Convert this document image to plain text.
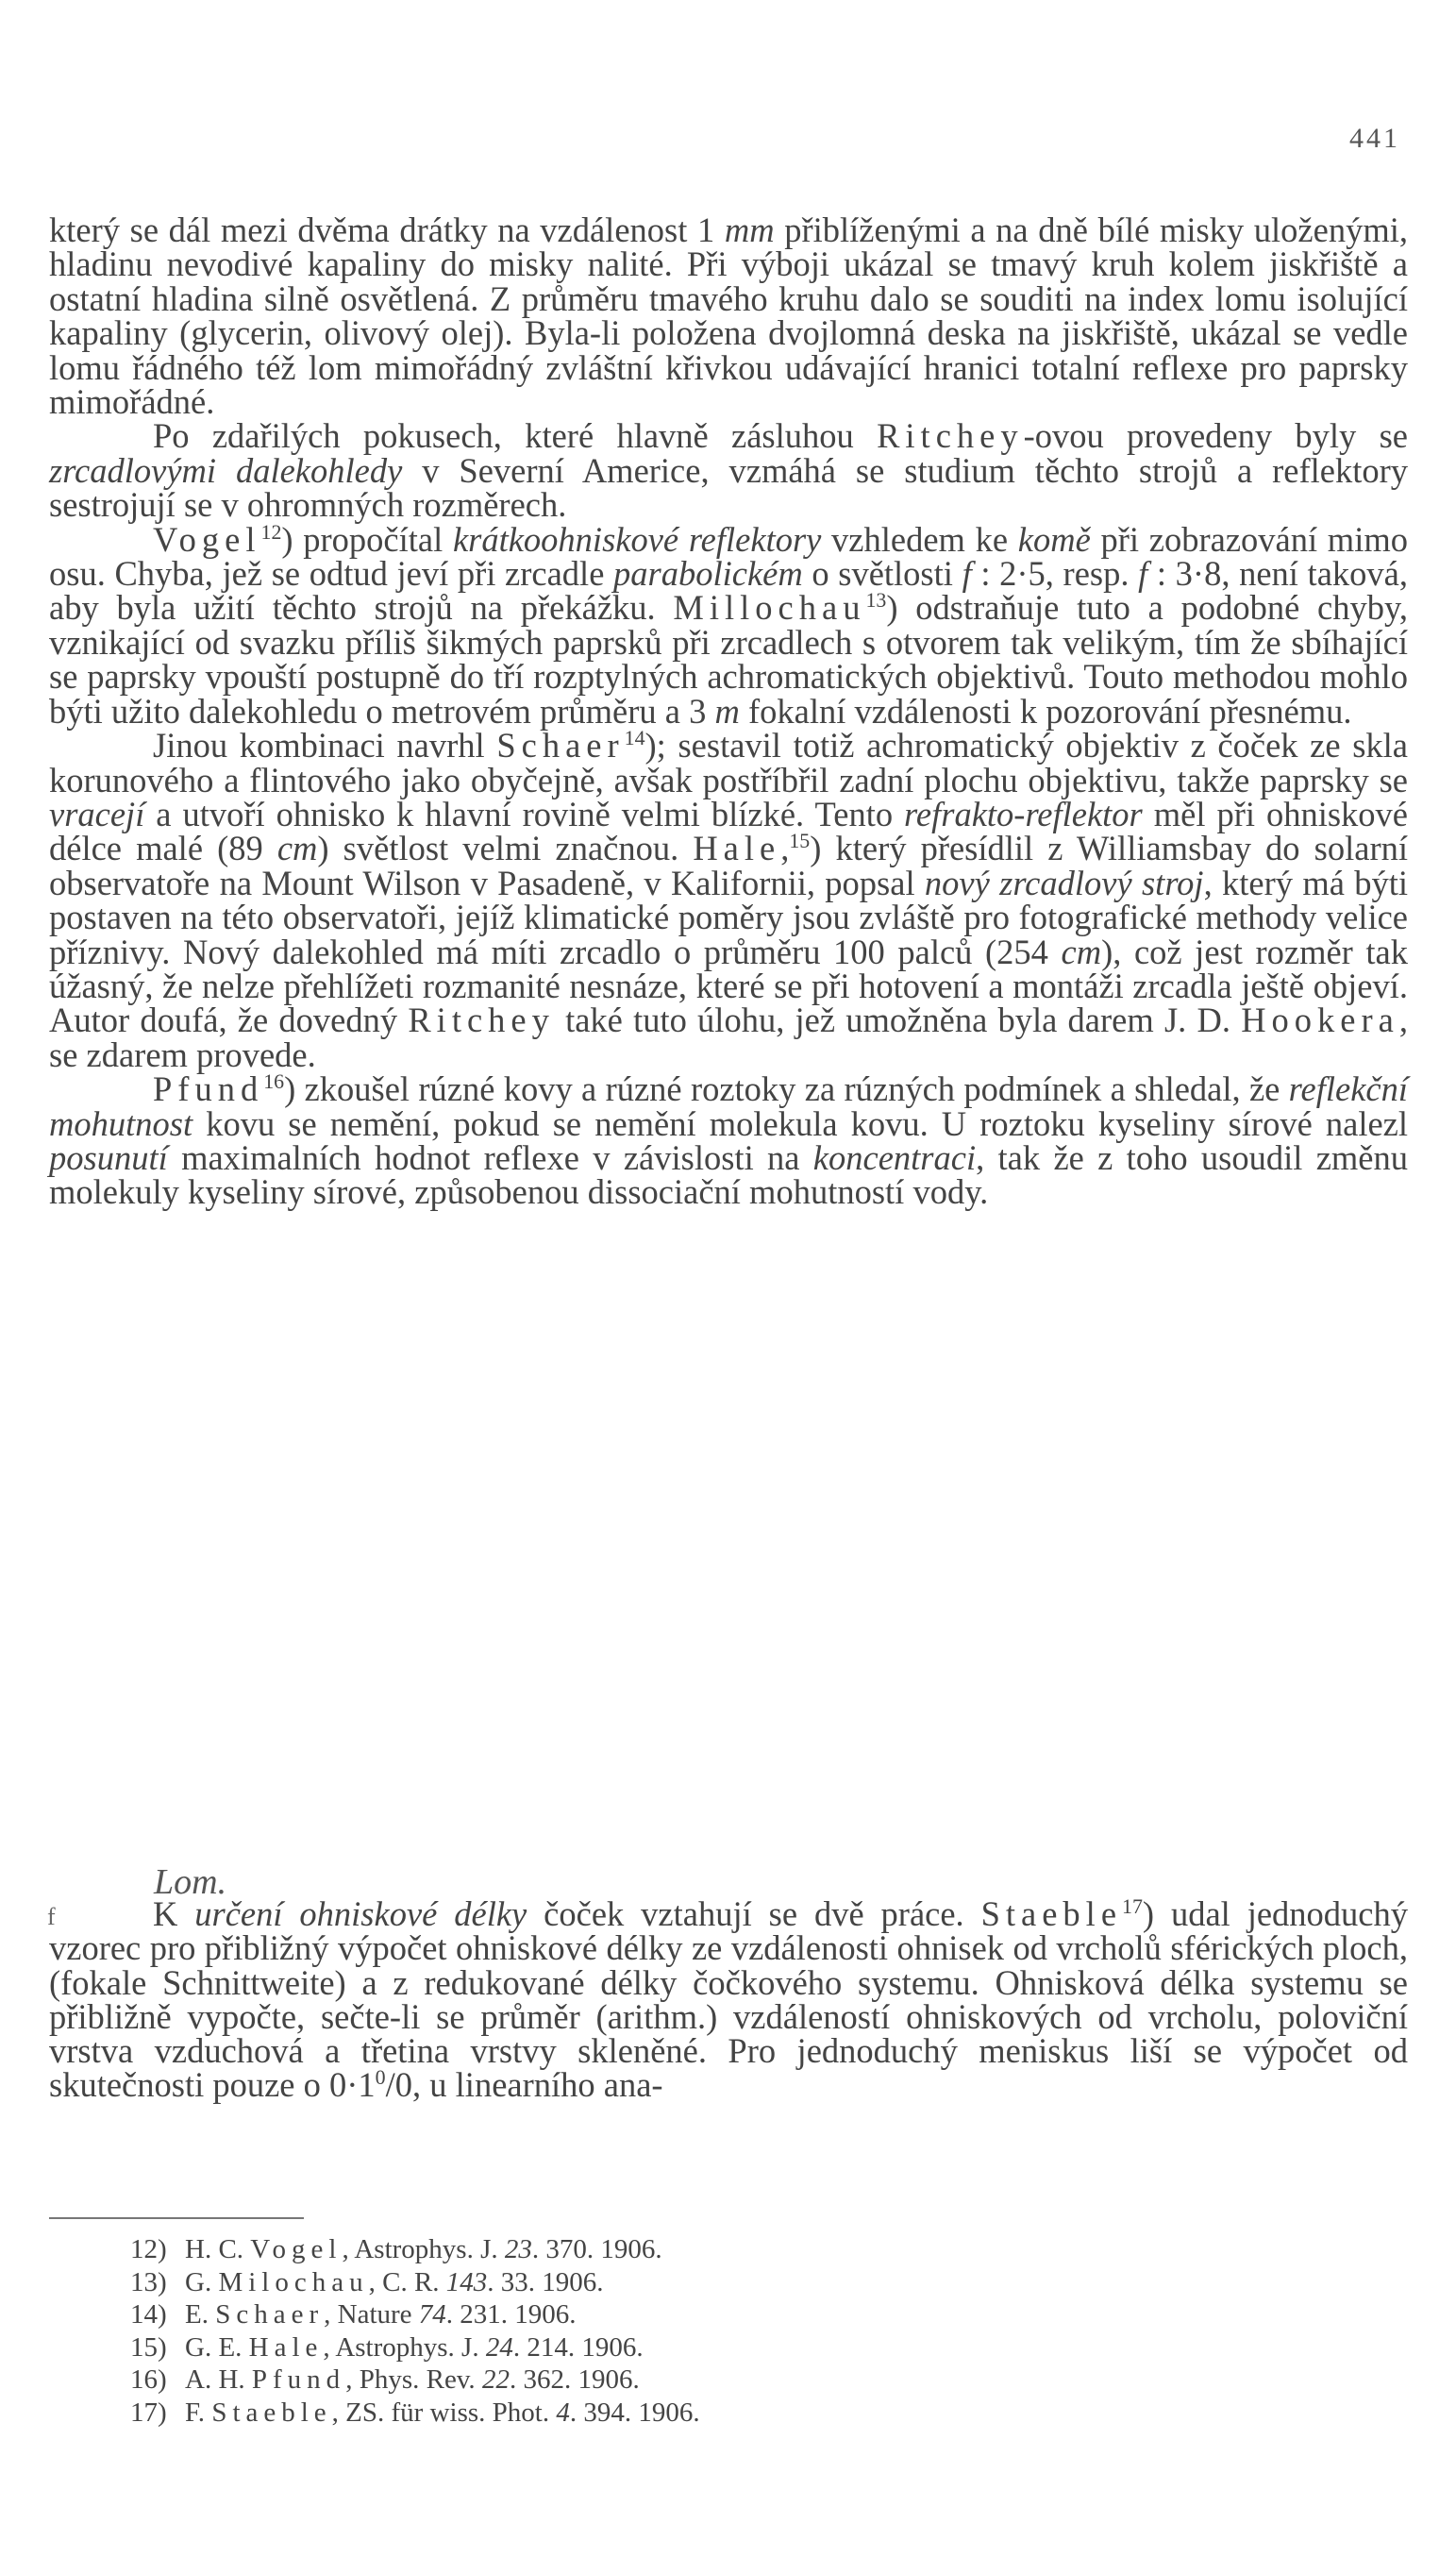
441

který se dál mezi dvěma drátky na vzdálenost 1 mm přiblíženými a na dně bílé misky uloženými, hladinu nevodivé kapaliny do misky nalité. Při výboji ukázal se tmavý kruh kolem jiskřiště a ostatní hladina silně osvětlená. Z průměru tmavého kruhu dalo se souditi na index lomu isolující kapaliny (glycerin, olivový olej). Byla-li položena dvojlomná deska na jiskřiště, ukázal se vedle lomu řádného též lom mimořádný zvláštní křivkou udávající hranici totalní reflexe pro paprsky mimořádné.

Po zdařilých pokusech, které hlavně zásluhou Ritchey-ovou provedeny byly se zrcadlovými dalekohledy v Severní Americe, vzmáhá se studium těchto strojů a reflektory sestrojují se v ohromných rozměrech.

Vogel$^{12}$) propočítal krátkoohniskové reflektory vzhledem ke komě při zobrazování mimo osu. Chyba, jež se odtud jeví při zrcadle parabolickém o světlosti f : 2·5, resp. f : 3·8, není taková, aby byla užití těchto strojů na překážku. Millochau$^{13}$) odstraňuje tuto a podobné chyby, vznikající od svazku příliš šikmých paprsků při zrcadlech s otvorem tak velikým, tím že sbíhající se paprsky vpouští postupně do tří rozptylných achromatických objektivů. Touto methodou mohlo býti užito dalekohledu o metrovém průměru a 3 m fokalní vzdálenosti k pozorování přesnému.

Jinou kombinaci navrhl Schaer$^{14}$); sestavil totiž achromatický objektiv z čoček ze skla korunového a flintového jako obyčejně, avšak postříbřil zadní plochu objektivu, takže paprsky se vracejí a utvoří ohnisko k hlavní rovině velmi blízké. Tento refrakto-reflektor měl při ohniskové délce malé (89 cm) světlost velmi značnou. Hale,$^{15}$) který přesídlil z Williamsbay do solarní observatoře na Mount Wilson v Pasadeně, v Kalifornii, popsal nový zrcadlový stroj, který má býti postaven na této observatoři, jejíž klimatické poměry jsou zvláště pro fotografické methody velice příznivy. Nový dalekohled má míti zrcadlo o průměru 100 palců (254 cm), což jest rozměr tak úžasný, že nelze přehlížeti rozmanité nesnáze, které se při hotovení a montáži zrcadla ještě objeví. Autor doufá, že dovedný Ritchey také tuto úlohu, jež umožněna byla darem J. D. Hookera, se zdarem provede.

Pfund$^{16}$) zkoušel rúzné kovy a rúzné roztoky za rúzných podmínek a shledal, že reflekční mohutnost kovu se nemění, pokud se nemění molekula kovu. U roztoku kyseliny sírové nalezl posunutí maximalních hodnot reflexe v závislosti na koncentraci, tak že z toho usoudil změnu molekuly kyseliny sírové, způsobenou dissociační mohutností vody.

Lom.
f	K určení ohniskové délky čoček vztahují se dvě práce. Staeble$^{17}$) udal jednoduchý vzorec pro přibližný výpočet ohniskové délky ze vzdálenosti ohnisek od vrcholů sférických ploch, (fokale Schnittweite) a z redukované délky čočkového systemu. Ohnisková délka systemu se přibližně vypočte, sečte-li se průměr (arithm.) vzdáleností ohniskových od vrcholu, poloviční vrstva vzduchová a třetina vrstvy skleněné. Pro jednoduchý meniskus liší se výpočet od skutečnosti pouze o $0\cdot 1^0/0$, u linearního ana-

12) H. C. Vogel, Astrophys. J. 23. 370. 1906.
13) G. Milochau, C. R. 143. 33. 1906.
14) E. Schaer, Nature 74. 231. 1906.
15) G. E. Hale, Astrophys. J. 24. 214. 1906.
16) A. H. Pfund, Phys. Rev. 22. 362. 1906.
17) F. Staeble, ZS. für wiss. Phot. 4. 394. 1906.
